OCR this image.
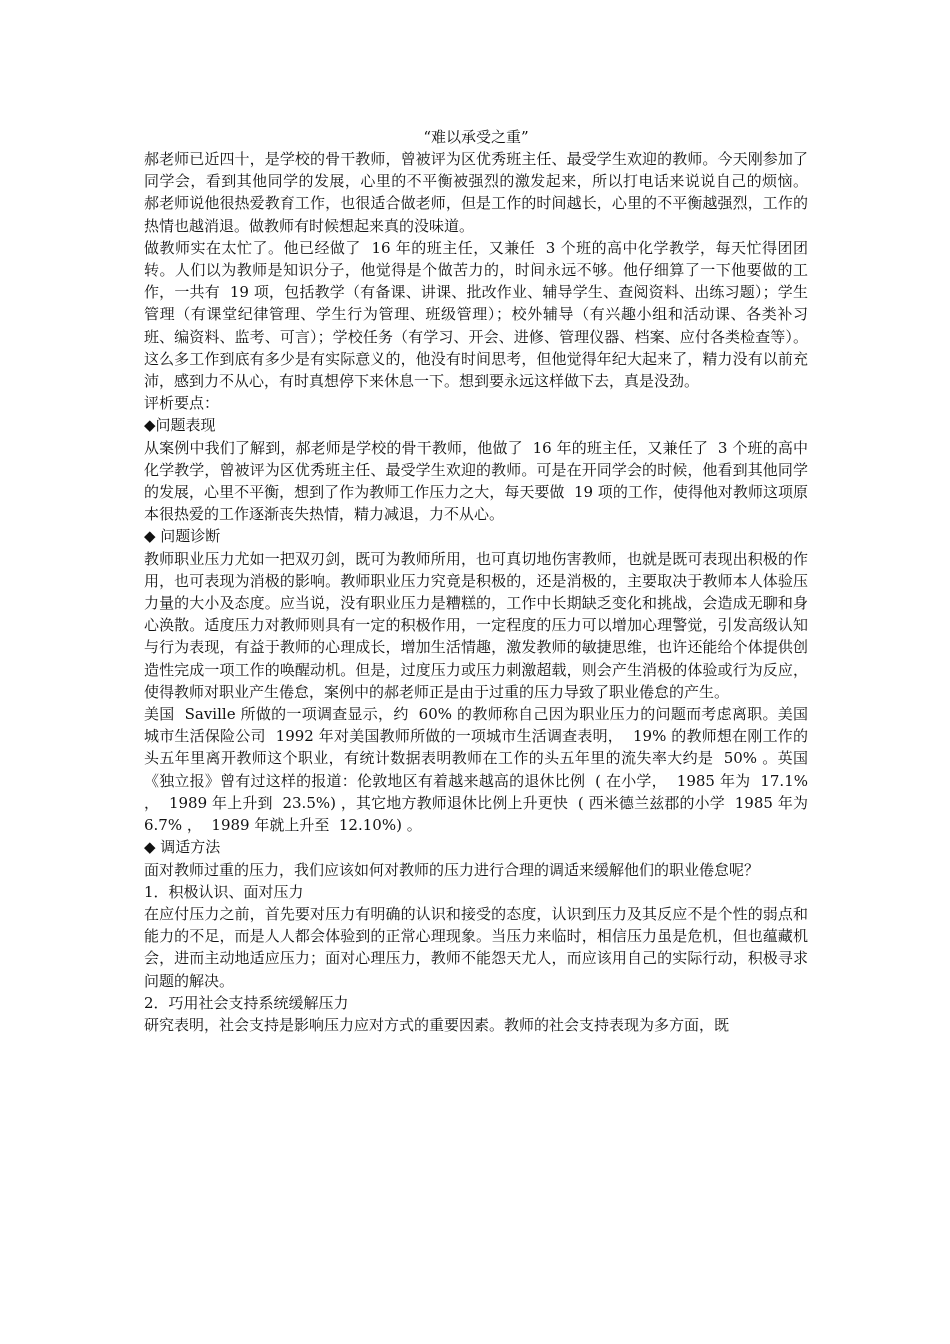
“难以承受之重”

郝老师已近四十，是学校的骨干教师，曾被评为区优秀班主任、最受学生欢迎的教师。今天刚参加了同学会，看到其他同学的发展，心里的不平衡被强烈的激发起来，所以打电话来说说自己的烦恼。    郝老师说他很热爱教育工作，也很适合做老师，但是工作的时间越长，心里的不平衡越强烈，工作的热情也越消退。做教师有时候想起来真的没味道。

做教师实在太忙了。他已经做了  16 年的班主任，又兼任  3 个班的高中化学教学，每天忙得团团转。人们以为教师是知识分子，他觉得是个做苦力的，时间永远不够。他仔细算了一下他要做的工作，一共有  19 项，包括教学（有备课、讲课、批改作业、辅导学生、查阅资料、出练习题）；学生管理（有课堂纪律管理、学生行为管理、班级管理）；校外辅导（有兴趣小组和活动课、各类补习班、编资料、监考、可言）；学校任务（有学习、开会、进修、管理仪器、档案、应付各类检查等）。这么多工作到底有多少是有实际意义的，他没有时间思考，但他觉得年纪大起来了，精力没有以前充沛，感到力不从心，有时真想停下来休息一下。想到要永远这样做下去，真是没劲。

评析要点：

◆问题表现

从案例中我们了解到，郝老师是学校的骨干教师，他做了  16 年的班主任，又兼任了  3 个班的高中化学教学，曾被评为区优秀班主任、最受学生欢迎的教师。可是在开同学会的时候，他看到其他同学的发展，心里不平衡，想到了作为教师工作压力之大，每天要做  19 项的工作，使得他对教师这项原本很热爱的工作逐渐丧失热情，精力减退，力不从心。

◆ 问题诊断

教师职业压力尤如一把双刃剑，既可为教师所用，也可真切地伤害教师，也就是既可表现出积极的作用，也可表现为消极的影响。教师职业压力究竟是积极的，还是消极的，主要取决于教师本人体验压力量的大小及态度。应当说，没有职业压力是糟糕的，工作中长期缺乏变化和挑战，会造成无聊和身心涣散。适度压力对教师则具有一定的积极作用，一定程度的压力可以增加心理警觉，引发高级认知与行为表现，有益于教师的心理成长，增加生活情趣，激发教师的敏捷思维，也许还能给个体提供创造性完成一项工作的唤醒动机。但是，过度压力或压力刺激超载，则会产生消极的体验或行为反应，使得教师对职业产生倦怠，案例中的郝老师正是由于过重的压力导致了职业倦怠的产生。

美国  Saville 所做的一项调查显示，约  60% 的教师称自己因为职业压力的问题而考虑离职。美国城市生活保险公司  1992 年对美国教师所做的一项城市生活调查表明，  19% 的教师想在刚工作的头五年里离开教师这个职业，有统计数据表明教师在工作的头五年里的流失率大约是  50% 。英国《独立报》曾有过这样的报道：伦敦地区有着越来越高的退休比例  ( 在小学，  1985 年为  17.1% ，  1989 年上升到  23.5%) ，其它地方教师退休比例上升更快  ( 西米德兰兹郡的小学  1985 年为  6.7% ，  1989 年就上升至  12.10%) 。

◆ 调适方法

面对教师过重的压力，我们应该如何对教师的压力进行合理的调适来缓解他们的职业倦怠呢？

1．积极认识、面对压力

在应付压力之前，首先要对压力有明确的认识和接受的态度，认识到压力及其反应不是个性的弱点和能力的不足，而是人人都会体验到的正常心理现象。当压力来临时，相信压力虽是危机，但也蕴藏机会，进而主动地适应压力；面对心理压力，教师不能怨天尤人，而应该用自己的实际行动，积极寻求问题的解决。

2．巧用社会支持系统缓解压力

研究表明，社会支持是影响压力应对方式的重要因素。教师的社会支持表现为多方面，既
